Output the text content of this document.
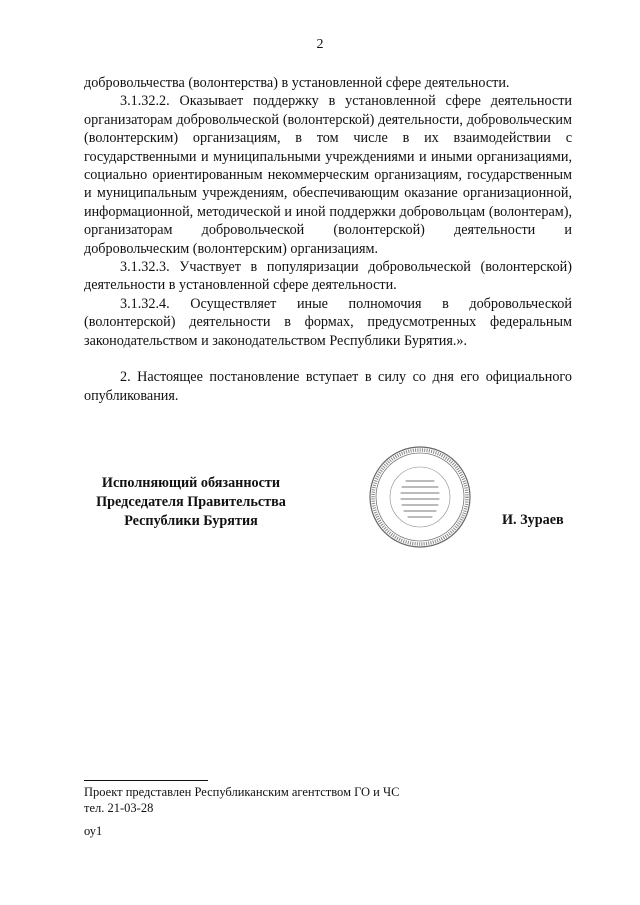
2

добровольчества (волонтерства) в установленной сфере деятельности.

3.1.32.2. Оказывает поддержку в установленной сфере деятельности организаторам добровольческой (волонтерской) деятельности, добровольческим (волонтерским) организациям, в том числе в их взаимодействии с государственными и муниципальными учреждениями и иными организациями, социально ориентированным некоммерческим организациям, государственным и муниципальным учреждениям, обеспечивающим оказание организационной, информационной, методической и иной поддержки добровольцам (волонтерам), организаторам добровольческой (волонтерской) деятельности и добровольческим (волонтерским) организациям.

3.1.32.3. Участвует в популяризации добровольческой (волонтерской) деятельности в установленной сфере деятельности.

3.1.32.4. Осуществляет иные полномочия в добровольческой (волонтерской) деятельности в формах, предусмотренных федеральным законодательством и законодательством Республики Бурятия.».

2. Настоящее постановление вступает в силу со дня его официального опубликования.

Исполняющий обязанности
Председателя Правительства
Республики Бурятия	И. Зураев
Проект представлен Республиканским агентством ГО и ЧС
тел. 21-03-28
оу1
